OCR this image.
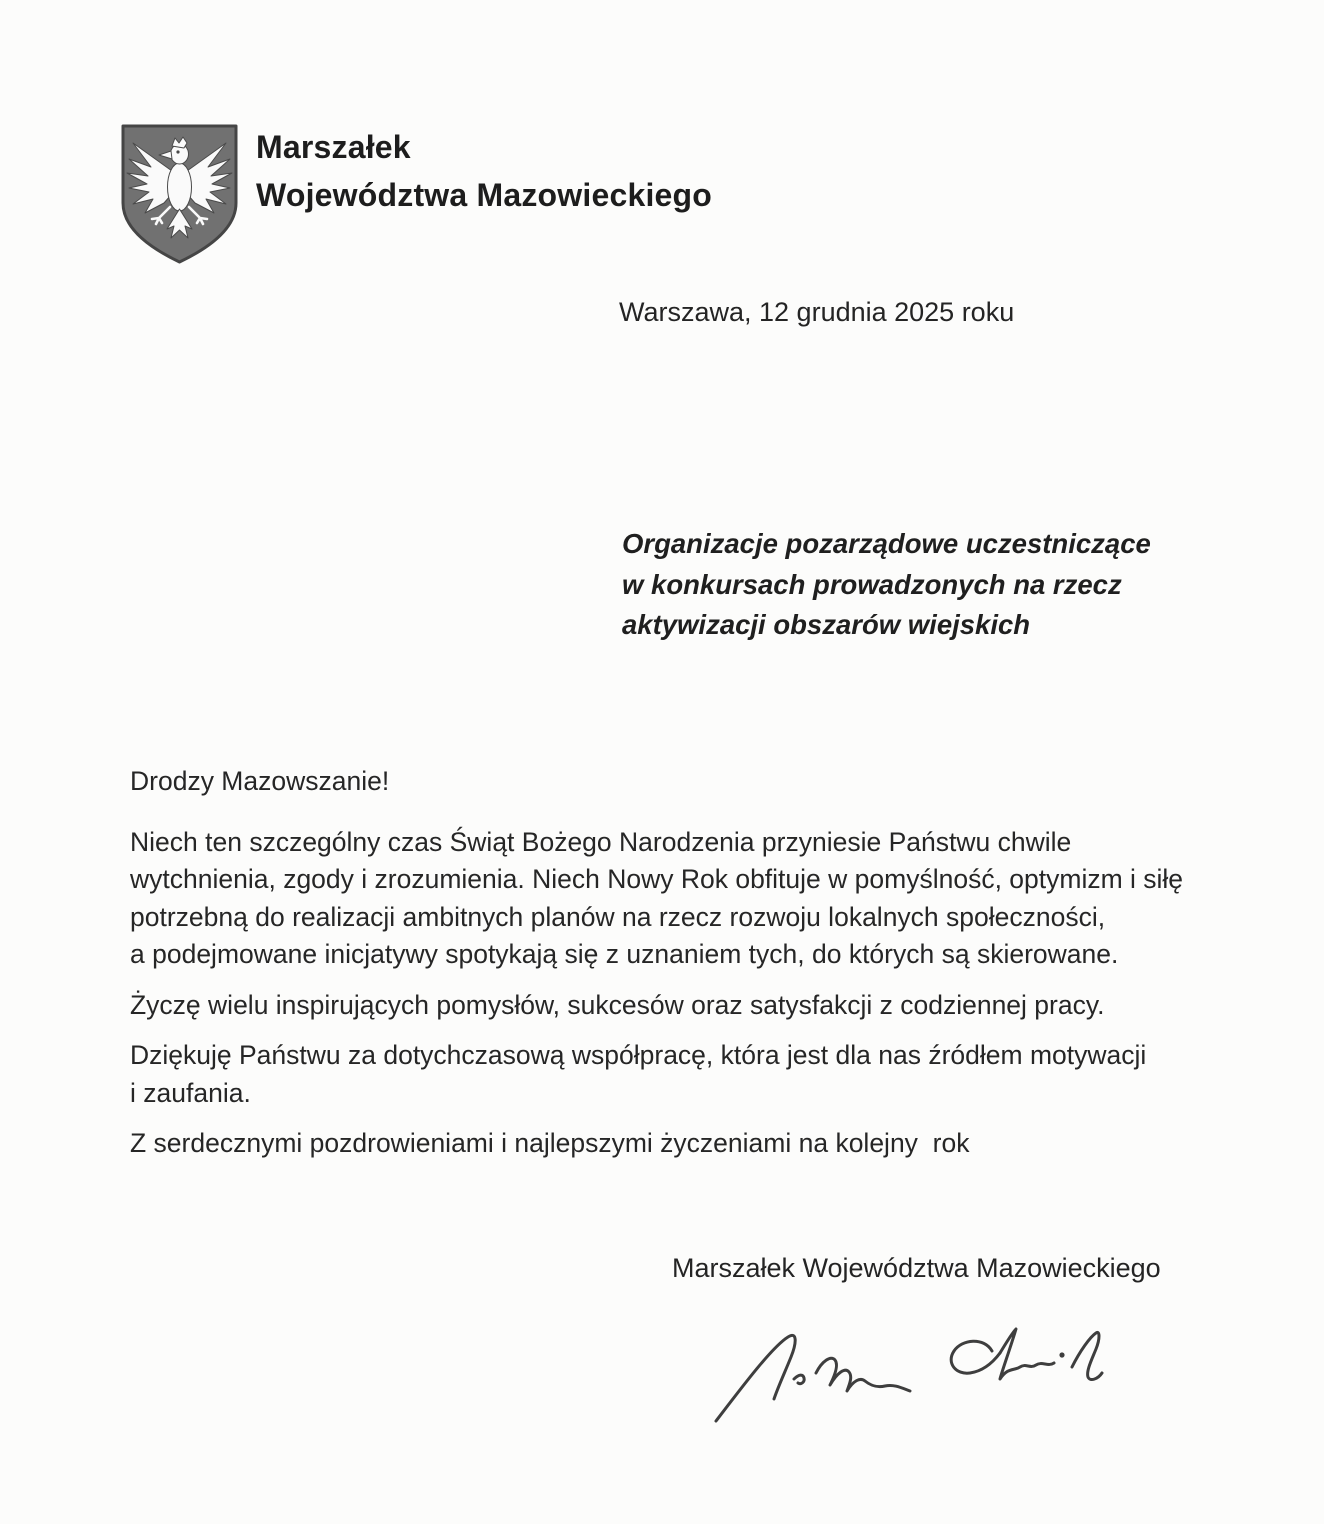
Marszałek
Województwa Mazowieckiego
Warszawa, 12 grudnia 2025 roku
Organizacje pozarządowe uczestniczące
w konkursach prowadzonych na rzecz
aktywizacji obszarów wiejskich
Drodzy Mazowszanie!
Niech ten szczególny czas Świąt Bożego Narodzenia przyniesie Państwu chwile
wytchnienia, zgody i zrozumienia. Niech Nowy Rok obfituje w pomyślność, optymizm i siłę
potrzebną do realizacji ambitnych planów na rzecz rozwoju lokalnych społeczności,
a podejmowane inicjatywy spotykają się z uznaniem tych, do których są skierowane.
Życzę wielu inspirujących pomysłów, sukcesów oraz satysfakcji z codziennej pracy.
Dziękuję Państwu za dotychczasową współpracę, która jest dla nas źródłem motywacji
i zaufania.
Z serdecznymi pozdrowieniami i najlepszymi życzeniami na kolejny  rok
Marszałek Województwa Mazowieckiego
